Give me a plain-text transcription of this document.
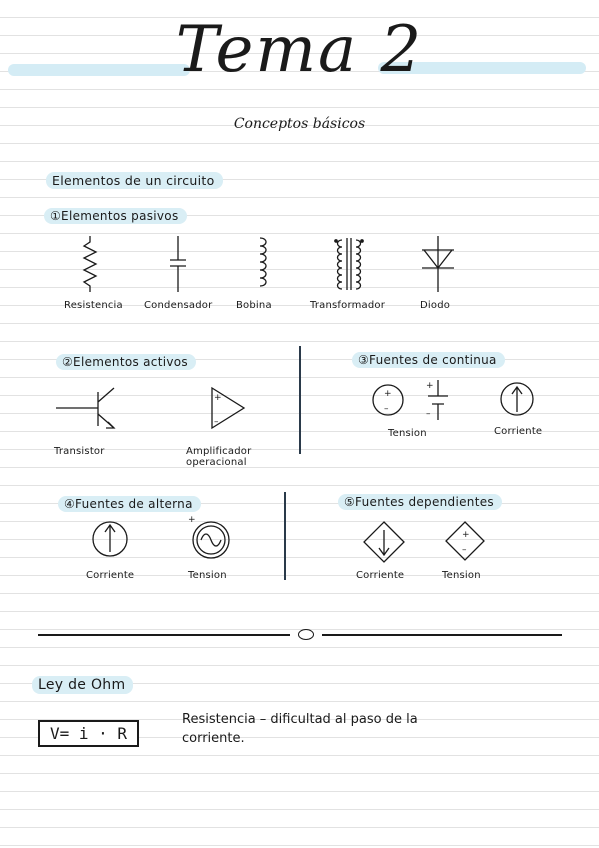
Tema 2
Conceptos básicos
Elementos de un circuito
①Elementos pasivos
Resistencia Condensador Bobina	Transformador	Diodo
②Elementos activos
+
–
Transistor	Amplificador operacional
③Fuentes de continua
+
–
+
–
Tension	Corriente
④Fuentes de alterna
+
Corriente	Tension
⑤Fuentes dependientes
+
–
Corriente	Tension
Ley de Ohm
V= i · R
Resistencia – dificultad al paso de la corriente.
